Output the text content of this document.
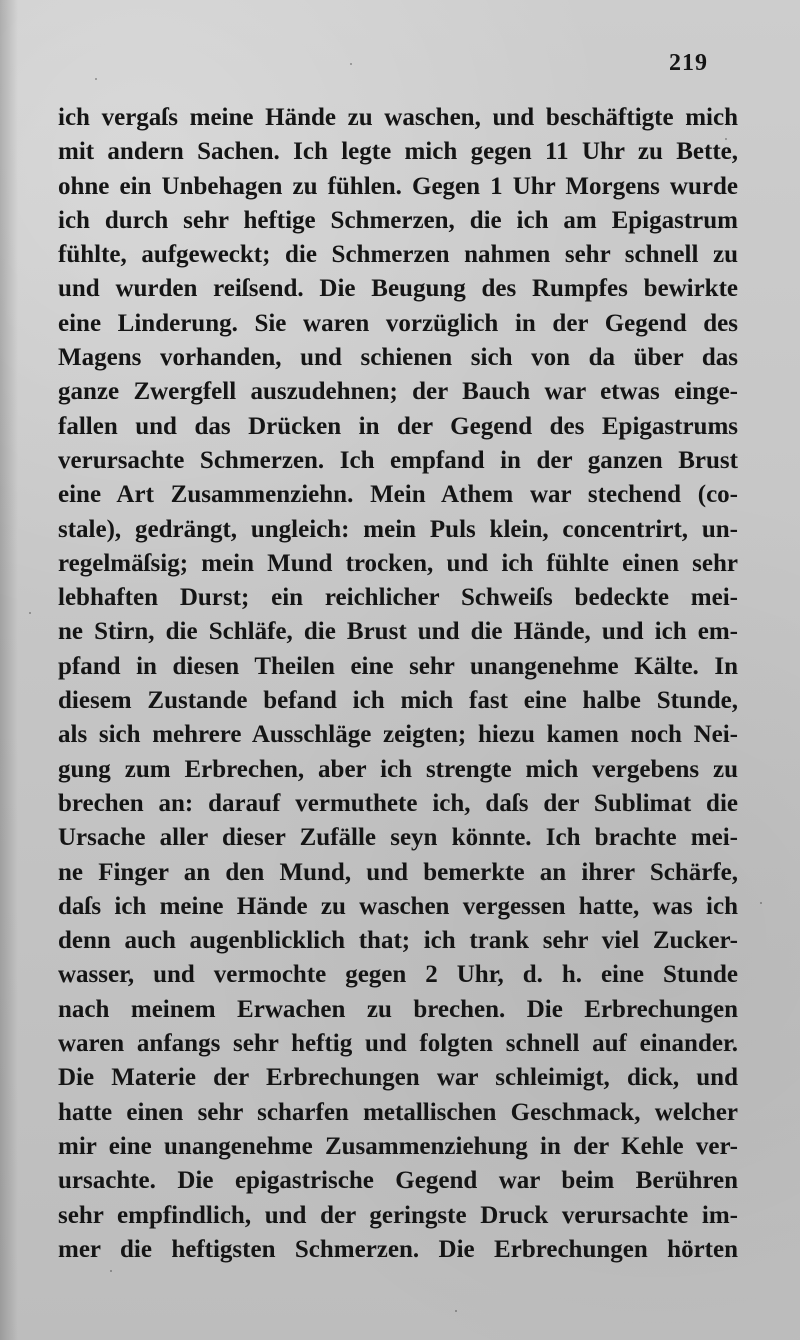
219
ich vergaſs meine Hände zu waschen, und beschäftigte mich
mit andern Sachen. Ich legte mich gegen 11 Uhr zu Bette,
ohne ein Unbehagen zu fühlen. Gegen 1 Uhr Morgens wurde
ich durch sehr heftige Schmerzen, die ich am Epigastrum
fühlte, aufgeweckt; die Schmerzen nahmen sehr schnell zu
und wurden reiſsend. Die Beugung des Rumpfes bewirkte
eine Linderung. Sie waren vorzüglich in der Gegend des
Magens vorhanden, und schienen sich von da über das
ganze Zwergfell auszudehnen; der Bauch war etwas einge-
fallen und das Drücken in der Gegend des Epigastrums
verursachte Schmerzen. Ich empfand in der ganzen Brust
eine Art Zusammenziehn. Mein Athem war stechend (co-
stale), gedrängt, ungleich: mein Puls klein, concentrirt, un-
regelmäſsig; mein Mund trocken, und ich fühlte einen sehr
lebhaften Durst; ein reichlicher Schweiſs bedeckte mei-
ne Stirn, die Schläfe, die Brust und die Hände, und ich em-
pfand in diesen Theilen eine sehr unangenehme Kälte. In
diesem Zustande befand ich mich fast eine halbe Stunde,
als sich mehrere Ausschläge zeigten; hiezu kamen noch Nei-
gung zum Erbrechen, aber ich strengte mich vergebens zu
brechen an: darauf vermuthete ich, daſs der Sublimat die
Ursache aller dieser Zufälle seyn könnte. Ich brachte mei-
ne Finger an den Mund, und bemerkte an ihrer Schärfe,
daſs ich meine Hände zu waschen vergessen hatte, was ich
denn auch augenblicklich that; ich trank sehr viel Zucker-
wasser, und vermochte gegen 2 Uhr, d. h. eine Stunde
nach meinem Erwachen zu brechen. Die Erbrechungen
waren anfangs sehr heftig und folgten schnell auf einander.
Die Materie der Erbrechungen war schleimigt, dick, und
hatte einen sehr scharfen metallischen Geschmack, welcher
mir eine unangenehme Zusammenziehung in der Kehle ver-
ursachte. Die epigastrische Gegend war beim Berühren
sehr empfindlich, und der geringste Druck verursachte im-
mer die heftigsten Schmerzen. Die Erbrechungen hörten
